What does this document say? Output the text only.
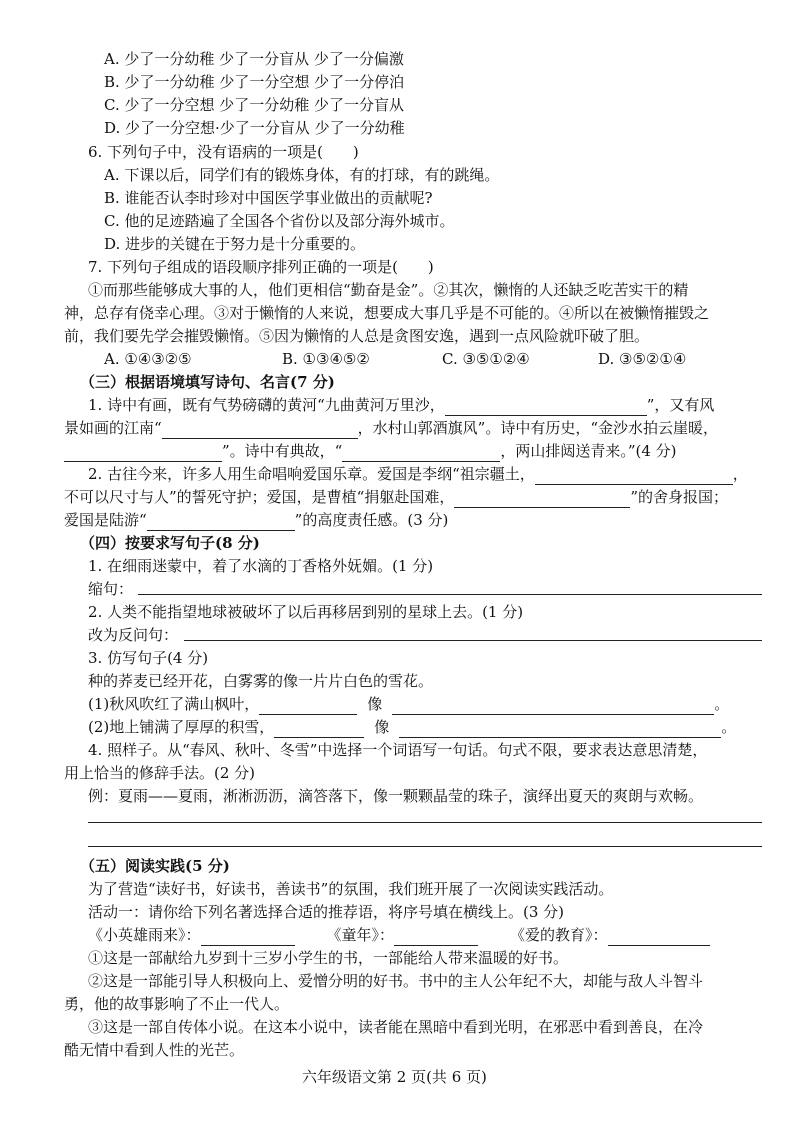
A. 少了一分幼稚 少了一分盲从 少了一分偏激
B. 少了一分幼稚 少了一分空想 少了一分停泊
C. 少了一分空想 少了一分幼稚 少了一分盲从
D. 少了一分空想·少了一分盲从 少了一分幼稚
6. 下列句子中，没有语病的一项是(　　)
A. 下课以后，同学们有的锻炼身体，有的打球，有的跳绳。
B. 谁能否认李时珍对中国医学事业做出的贡献呢?
C. 他的足迹踏遍了全国各个省份以及部分海外城市。
D. 进步的关键在于努力是十分重要的。
7. 下列句子组成的语段顺序排列正确的一项是(　　)
①而那些能够成大事的人，他们更相信“勤奋是金”。②其次，懒惰的人还缺乏吃苦实干的精
神，总存有侥幸心理。③对于懒惰的人来说，想要成大事几乎是不可能的。④所以在被懒惰摧毁之
前，我们要先学会摧毁懒惰。⑤因为懒惰的人总是贪图安逸，遇到一点风险就吓破了胆。
A. ①④③②⑤	B. ①③④⑤②	C. ③⑤①②④	D. ③⑤②①④
（三）根据语境填写诗句、名言(7 分)
1. 诗中有画，既有气势磅礴的黄河“九曲黄河万里沙，	”，又有风
景如画的江南“	，水村山郭酒旗风”。诗中有历史，“金沙水拍云崖暖，
”。诗中有典故，“	，两山排闼送青来。”(4 分)
2. 古往今来，许多人用生命唱响爱国乐章。爱国是李纲“祖宗疆土，	，
不可以尺寸与人”的誓死守护；爱国，是曹植“捐躯赴国难，	”的舍身报国；
爱国是陆游“	”的高度责任感。(3 分)
（四）按要求写句子(8 分)
1. 在细雨迷蒙中，着了水滴的丁香格外妩媚。(1 分)
缩句：
2. 人类不能指望地球被破坏了以后再移居到别的星球上去。(1 分)
改为反问句：
3. 仿写句子(4 分)
种的荞麦已经开花，白雾雾的像一片片白色的雪花。
(1)秋风吹红了满山枫叶，	像	。
(2)地上铺满了厚厚的积雪，	像	。
4. 照样子。从“春风、秋叶、冬雪”中选择一个词语写一句话。句式不限，要求表达意思清楚，
用上恰当的修辞手法。(2 分)
例：夏雨——夏雨，淅淅沥沥，滴答落下，像一颗颗晶莹的珠子，演绎出夏天的爽朗与欢畅。
（五）阅读实践(5 分)
为了营造“读好书，好读书，善读书”的氛围，我们班开展了一次阅读实践活动。
活动一：请你给下列名著选择合适的推荐语，将序号填在横线上。(3 分)
《小英雄雨来》：	《童年》：	《爱的教育》：
①这是一部献给九岁到十三岁小学生的书，一部能给人带来温暖的好书。
②这是一部能引导人积极向上、爱憎分明的好书。书中的主人公年纪不大，却能与敌人斗智斗
勇，他的故事影响了不止一代人。
③这是一部自传体小说。在这本小说中，读者能在黑暗中看到光明，在邪恶中看到善良，在冷
酷无情中看到人性的光芒。
六年级语文第 2 页(共 6 页)
